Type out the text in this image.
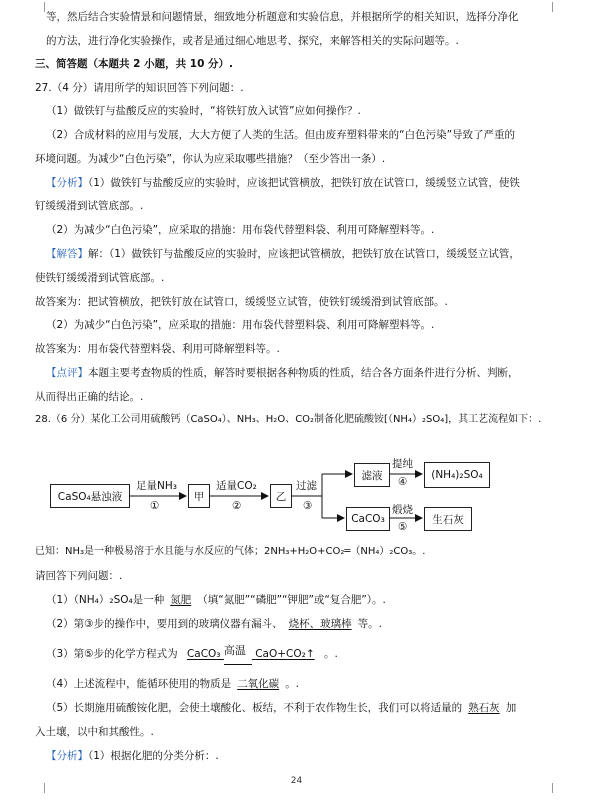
等，然后结合实验情景和问题情景，细致地分析题意和实验信息，并根据所学的相关知识，选择分净化
的方法，进行净化实验操作，或者是通过细心地思考、探究，来解答相关的实际问题等。.
三、简答题（本题共 2 小题，共 10 分）.
27.（4 分）请用所学的知识回答下列问题：.
（1）做铁钉与盐酸反应的实验时，“将铁钉放入试管”应如何操作？.
（2）合成材料的应用与发展，大大方便了人类的生活。但由废弃塑料带来的“白色污染”导致了严重的
环境问题。为减少“白色污染”，你认为应采取哪些措施？（至少答出一条）.
【分析】（1）做铁钉与盐酸反应的实验时，应该把试管横放，把铁钉放在试管口，缓缓竖立试管，使铁
钉缓缓滑到试管底部。.
（2）为减少“白色污染”，应采取的措施：用布袋代替塑料袋、利用可降解塑料等。.
【解答】解：（1）做铁钉与盐酸反应的实验时，应该把试管横放，把铁钉放在试管口，缓缓竖立试管，
使铁钉缓缓滑到试管底部。.
故答案为：把试管横放，把铁钉放在试管口，缓缓竖立试管，使铁钉缓缓滑到试管底部。.
（2）为减少“白色污染”，应采取的措施：用布袋代替塑料袋、利用可降解塑料等。.
故答案为：用布袋代替塑料袋、利用可降解塑料等。.
【点评】本题主要考查物质的性质，解答时要根据各种物质的性质，结合各方面条件进行分析、判断，
从而得出正确的结论。.
28.（6 分）某化工公司用硫酸钙（CaSO₄）、NH₃、H₂O、CO₂制备化肥硫酸铵[（NH₄）₂SO₄]，其工艺流程如下：.
CaSO₄悬浊液
足量NH₃
①
甲
适量CO₂
②
乙
过滤
③
滤液
提纯
④
(NH₄)₂SO₄
CaCO₃
煅烧
⑤
生石灰
已知：NH₃是一种极易溶于水且能与水反应的气体；2NH₃+H₂O+CO₂═（NH₄）₂CO₃。.
请回答下列问题：.
（1）（NH₄）₂SO₄是一种 氮肥 （填“氮肥”“磷肥”“钾肥”或“复合肥”）。.
（2）第③步的操作中，要用到的玻璃仪器有漏斗、 烧杯、玻璃棒 等。.
（3）第⑤步的化学方程式为 CaCO₃ 高温 CaO+CO₂↑ 。.
（4）上述流程中，能循环使用的物质是 二氧化碳 。.
（5）长期施用硫酸铵化肥，会使土壤酸化、板结，不利于农作物生长，我们可以将适量的 熟石灰 加
入土壤，以中和其酸性。.
【分析】（1）根据化肥的分类分析：.
24
